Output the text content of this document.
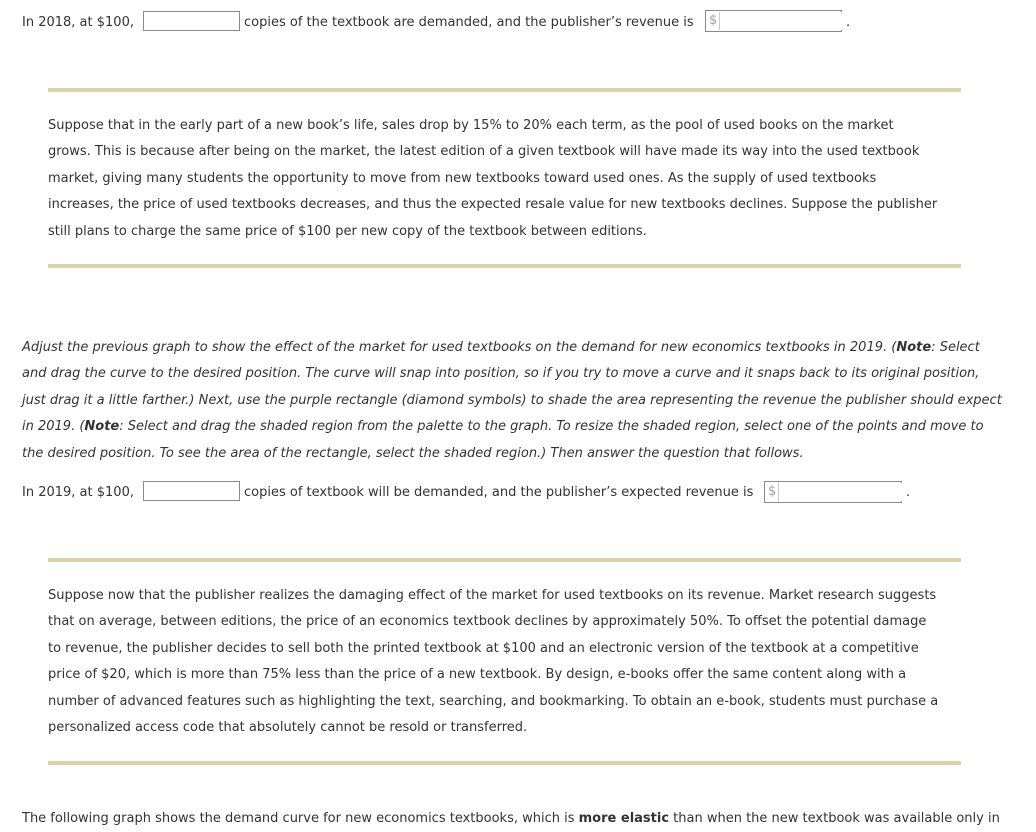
In 2018, at $100,	copies of the textbook are demanded, and the publisher’s revenue is $	.
Suppose that in the early part of a new book’s life, sales drop by 15% to 20% each term, as the pool of used books on the market
grows. This is because after being on the market, the latest edition of a given textbook will have made its way into the used textbook
market, giving many students the opportunity to move from new textbooks toward used ones. As the supply of used textbooks
increases, the price of used textbooks decreases, and thus the expected resale value for new textbooks declines. Suppose the publisher
still plans to charge the same price of $100 per new copy of the textbook between editions.
Adjust the previous graph to show the effect of the market for used textbooks on the demand for new economics textbooks in 2019. (Note: Select
and drag the curve to the desired position. The curve will snap into position, so if you try to move a curve and it snaps back to its original position,
just drag it a little farther.) Next, use the purple rectangle (diamond symbols) to shade the area representing the revenue the publisher should expect
in 2019. (Note: Select and drag the shaded region from the palette to the graph. To resize the shaded region, select one of the points and move to
the desired position. To see the area of the rectangle, select the shaded region.) Then answer the question that follows.
In 2019, at $100,	copies of textbook will be demanded, and the publisher’s expected revenue is $	.
Suppose now that the publisher realizes the damaging effect of the market for used textbooks on its revenue. Market research suggests
that on average, between editions, the price of an economics textbook declines by approximately 50%. To offset the potential damage
to revenue, the publisher decides to sell both the printed textbook at $100 and an electronic version of the textbook at a competitive
price of $20, which is more than 75% less than the price of a new textbook. By design, e-books offer the same content along with a
number of advanced features such as highlighting the text, searching, and bookmarking. To obtain an e-book, students must purchase a
personalized access code that absolutely cannot be resold or transferred.
The following graph shows the demand curve for new economics textbooks, which is more elastic than when the new textbook was available only in
